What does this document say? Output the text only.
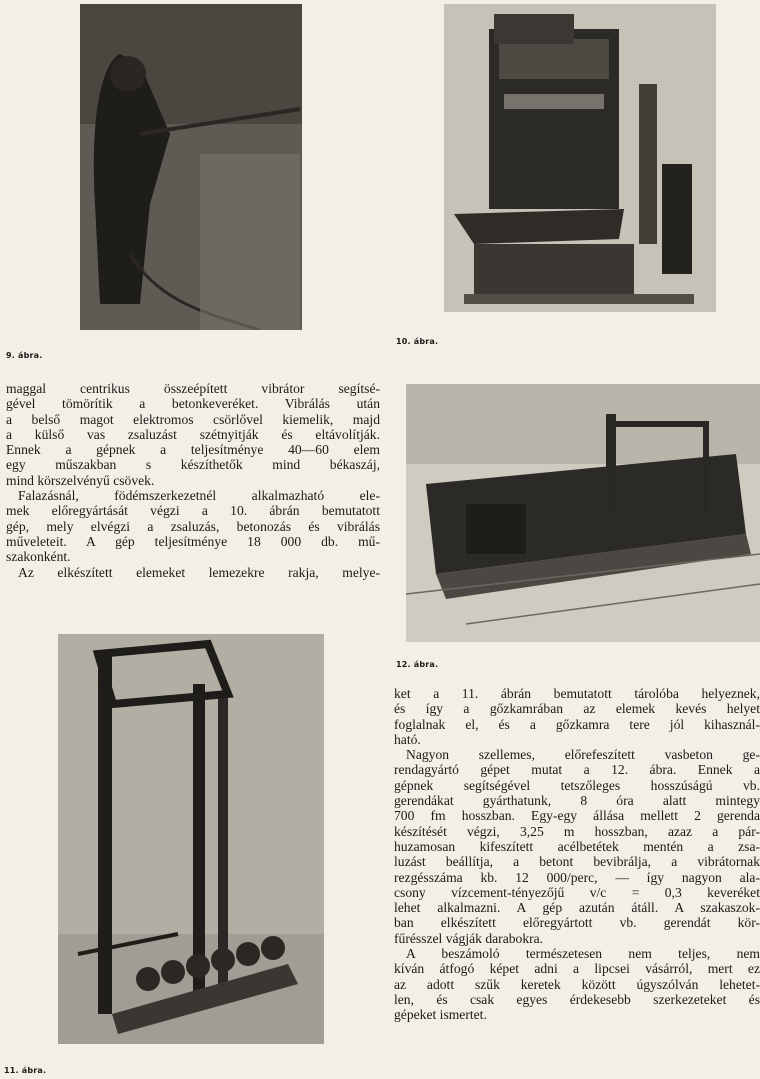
9. ábra.
10. ábra.
12. ábra.
11. ábra.
maggal centrikus összeépített vibrátor segítsé-
gével tömörítik a betonkeveréket. Vibrálás után
a belső magot elektromos csörlővel kiemelik, majd
a külső vas zsaluzást szétnyitják és eltávolítják.
Ennek a gépnek a teljesítménye 40—60 elem
egy műszakban s készíthetők mind békaszáj,
mind körszelvényű csövek.
Falazásnál, födémszerkezetnél alkalmazható ele-
mek előregyártását végzi a 10. ábrán bemutatott
gép, mely elvégzi a zsaluzás, betonozás és vibrálás
műveleteit. A gép teljesítménye 18 000 db. mű-
szakonként.
Az elkészített elemeket lemezekre rakja, melye-
ket a 11. ábrán bemutatott tárolóba helyeznek,
és így a gőzkamrában az elemek kevés helyet
foglalnak el, és a gőzkamra tere jól kihasznál-
ható.
Nagyon szellemes, előrefeszített vasbeton ge-
rendagyártó gépet mutat a 12. ábra. Ennek a
gépnek segítségével tetszőleges hosszúságú vb.
gerendákat gyárthatunk, 8 óra alatt mintegy
700 fm hosszban. Egy-egy állása mellett 2 gerenda
készítését végzi, 3,25 m hosszban, azaz a pár-
huzamosan kifeszített acélbetétek mentén a zsa-
luzást beállítja, a betont bevibrálja, a vibrátornak
rezgésszáma kb. 12 000/perc, — így nagyon ala-
csony vízcement-tényezőjű v/c = 0,3 keveréket
lehet alkalmazni. A gép azután átáll. A szakaszok-
ban elkészített előregyártott vb. gerendát kör-
fűrésszel vágják darabokra.
A beszámoló természetesen nem teljes, nem
kíván átfogó képet adni a lipcsei vásárról, mert ez
az adott szűk keretek között úgyszólván lehetet-
len, és csak egyes érdekesebb szerkezeteket és
gépeket ismertet.
